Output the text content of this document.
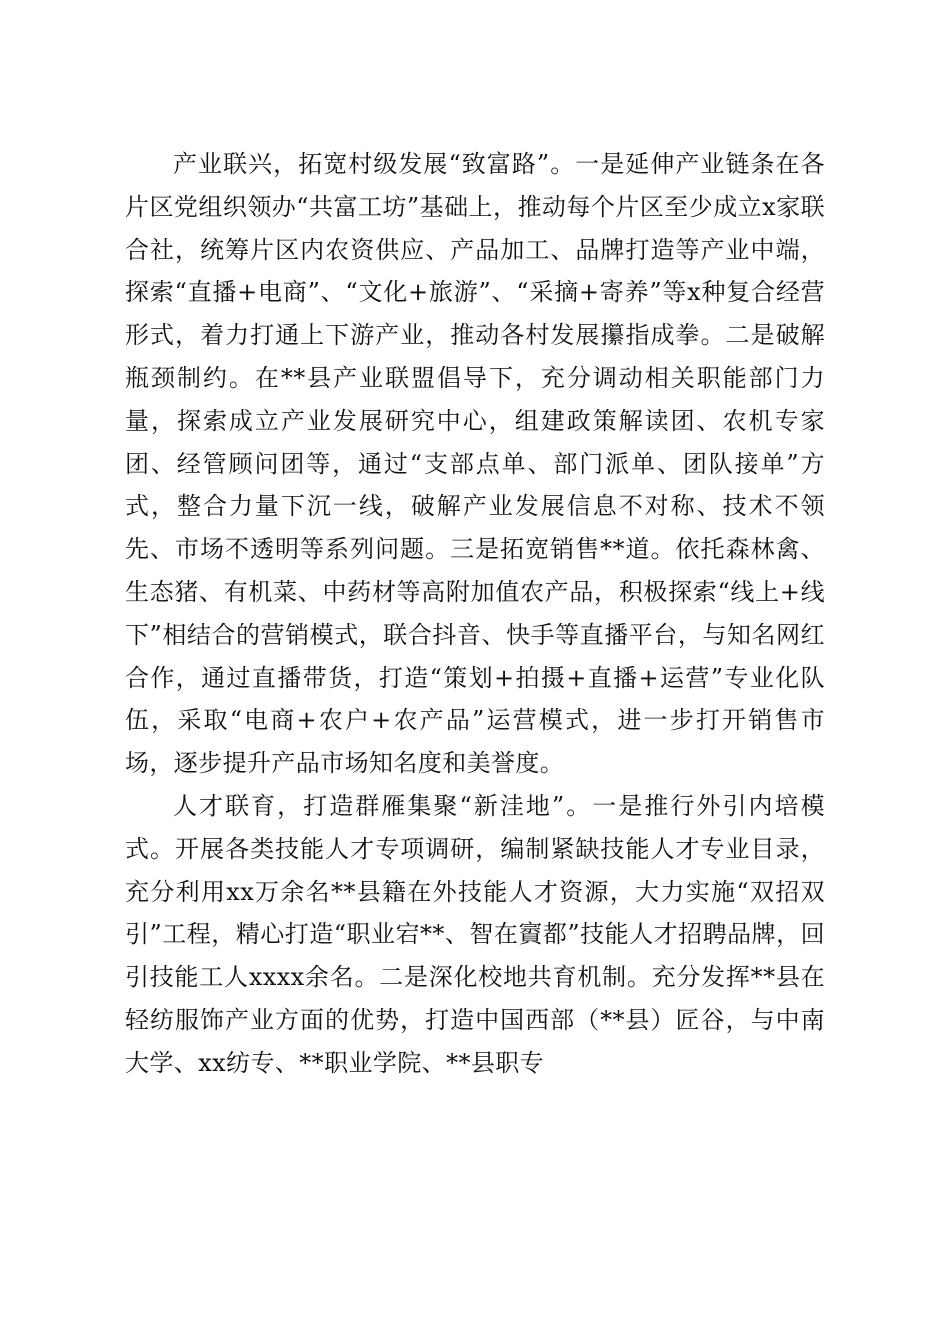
产业联兴，拓宽村级发展“致富路”。一是延伸产业链条在各片区党组织领办“共富工坊”基础上，推动每个片区至少成立x家联合社，统筹片区内农资供应、产品加工、品牌打造等产业中端，探索“直播+电商”、“文化+旅游”、“采摘+寄养”等x种复合经营形式，着力打通上下游产业，推动各村发展攥指成拳。二是破解瓶颈制约。在**县产业联盟倡导下，充分调动相关职能部门力量，探索成立产业发展研究中心，组建政策解读团、农机专家团、经管顾问团等，通过“支部点单、部门派单、团队接单”方式，整合力量下沉一线，破解产业发展信息不对称、技术不领先、市场不透明等系列问题。三是拓宽销售**道。依托森林禽、生态猪、有机菜、中药材等高附加值农产品，积极探索“线上+线下”相结合的营销模式，联合抖音、快手等直播平台，与知名网红合作，通过直播带货，打造“策划+拍摄+直播+运营”专业化队伍，采取“电商+农户+农产品”运营模式，进一步打开销售市场，逐步提升产品市场知名度和美誉度。

人才联育，打造群雁集聚“新洼地”。一是推行外引内培模式。开展各类技能人才专项调研，编制紧缺技能人才专业目录，充分利用xx万余名**县籍在外技能人才资源，大力实施“双招双引”工程，精心打造“职业宕**、智在賨都”技能人才招聘品牌，回引技能工人xxxx余名。二是深化校地共育机制。充分发挥**县在轻纺服饰产业方面的优势，打造中国西部（**县）匠谷，与中南大学、xx纺专、**职业学院、**县职专
